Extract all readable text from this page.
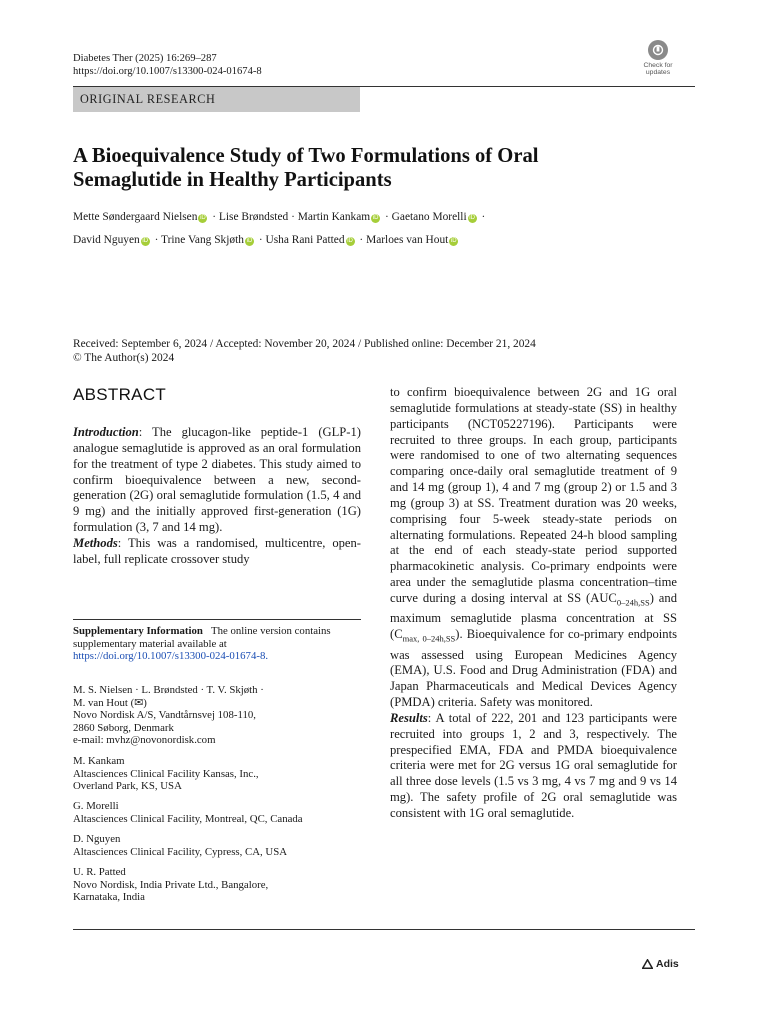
Diabetes Ther (2025) 16:269–287
https://doi.org/10.1007/s13300-024-01674-8
Check for
updates
ORIGINAL RESEARCH
A Bioequivalence Study of Two Formulations of Oral
Semaglutide in Healthy Participants
Mette Søndergaard Nielsen iD · Lise Brøndsted · Martin Kankam iD · Gaetano Morelli iD ·
David Nguyen iD · Trine Vang Skjøth iD · Usha Rani Patted iD · Marloes van Hout iD
Received: September 6, 2024 / Accepted: November 20, 2024 / Published online: December 21, 2024
© The Author(s) 2024
ABSTRACT

Introduction: The glucagon-like peptide-1 (GLP-1) analogue semaglutide is approved as an oral formulation for the treatment of type 2 diabetes. This study aimed to confirm bioequivalence between a new, second-generation (2G) oral semaglutide formulation (1.5, 4 and 9 mg) and the initially approved first-generation (1G) formulation (3, 7 and 14 mg).

Methods: This was a randomised, multicentre, open-label, full replicate crossover study

to confirm bioequivalence between 2G and 1G oral semaglutide formulations at steady-state (SS) in healthy participants (NCT05227196). Participants were recruited to three groups. In each group, participants were randomised to one of two alternating sequences comparing once-daily oral semaglutide treatment of 9 and 14 mg (group 1), 4 and 7 mg (group 2) or 1.5 and 3 mg (group 3) at SS. Treatment duration was 20 weeks, comprising four 5-week steady-state periods on alternating formulations. Repeated 24-h blood sampling at the end of each steady-state period supported pharmacokinetic analysis. Co-primary endpoints were area under the semaglutide plasma concentration–time curve during a dosing interval at SS $(AUC_{0-24h,SS})$ and maximum semaglutide plasma concentration at SS $(C_{max, 0-24h,SS})$. Bioequivalence for co-primary endpoints was assessed using European Medicines Agency (EMA), U.S. Food and Drug Administration (FDA) and Japan Pharmaceuticals and Medical Devices Agency (PMDA) criteria. Safety was monitored.

Results: A total of 222, 201 and 123 participants were recruited into groups 1, 2 and 3, respectively. The prespecified EMA, FDA and PMDA bioequivalence criteria were met for 2G versus 1G oral semaglutide for all three dose levels (1.5 vs 3 mg, 4 vs 7 mg and 9 vs 14 mg). The safety profile of 2G oral semaglutide was consistent with 1G oral semaglutide.

Supplementary Information The online version contains supplementary material available at https://doi.org/10.1007/s13300-024-01674-8.
M. S. Nielsen · L. Brøndsted · T. V. Skjøth ·
M. van Hout (✉)
Novo Nordisk A/S, Vandtårnsvej 108-110,
2860 Søborg, Denmark
e-mail: mvhz@novonordisk.com
M. Kankam
Altasciences Clinical Facility Kansas, Inc.,
Overland Park, KS, USA
G. Morelli
Altasciences Clinical Facility, Montreal, QC, Canada
D. Nguyen
Altasciences Clinical Facility, Cypress, CA, USA
U. R. Patted
Novo Nordisk, India Private Ltd., Bangalore,
Karnataka, India
Adis
